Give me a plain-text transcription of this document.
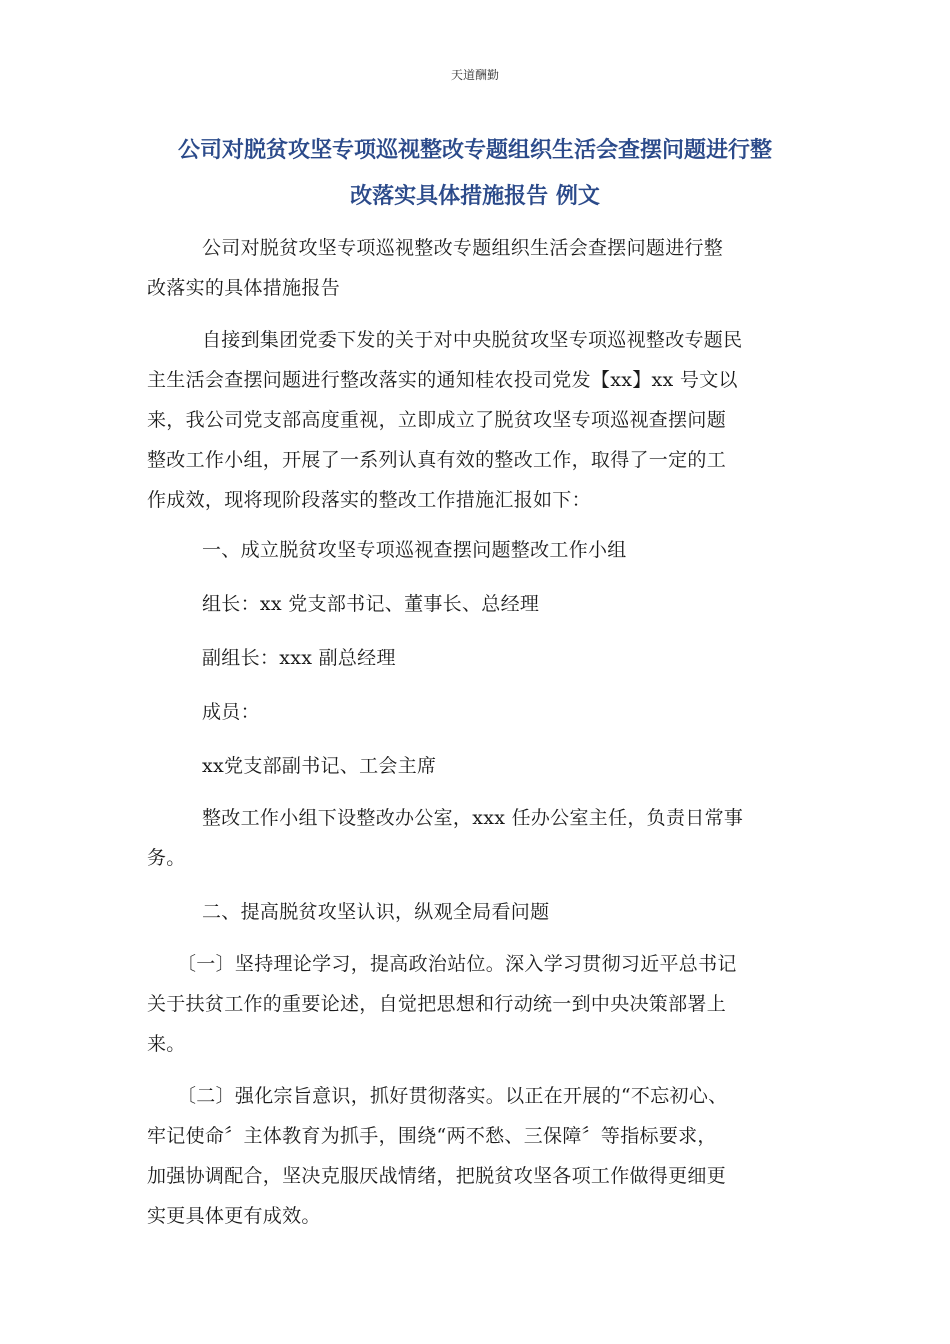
天道酬勤
公司对脱贫攻坚专项巡视整改专题组织生活会查摆问题进行整
改落实具体措施报告 例文
公司对脱贫攻坚专项巡视整改专题组织生活会查摆问题进行整
改落实的具体措施报告
自接到集团党委下发的关于对中央脱贫攻坚专项巡视整改专题民
主生活会查摆问题进行整改落实的通知桂农投司党发【xx】xx 号文以
来，我公司党支部高度重视，立即成立了脱贫攻坚专项巡视查摆问题
整改工作小组，开展了一系列认真有效的整改工作，取得了一定的工
作成效，现将现阶段落实的整改工作措施汇报如下：
一、成立脱贫攻坚专项巡视查摆问题整改工作小组
组长：xx 党支部书记、董事长、总经理
副组长：xxx 副总经理
成员：
xx党支部副书记、工会主席
整改工作小组下设整改办公室，xxx 任办公室主任，负责日常事
务。
二、提高脱贫攻坚认识，纵观全局看问题
〔一〕坚持理论学习，提高政治站位。深入学习贯彻习近平总书记
关于扶贫工作的重要论述，自觉把思想和行动统一到中央决策部署上
来。
〔二〕强化宗旨意识，抓好贯彻落实。以正在开展的“不忘初心、
牢记使命〞主体教育为抓手，围绕“两不愁、三保障〞等指标要求，
加强协调配合，坚决克服厌战情绪，把脱贫攻坚各项工作做得更细更
实更具体更有成效。
